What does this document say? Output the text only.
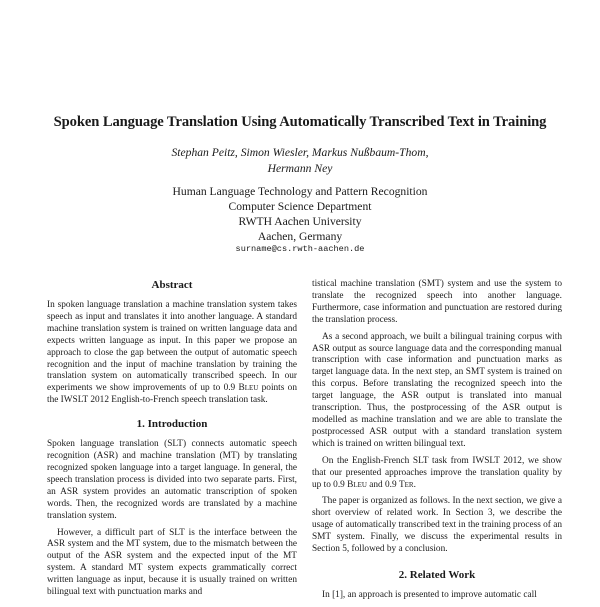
Spoken Language Translation Using Automatically Transcribed Text in Training
Stephan Peitz, Simon Wiesler, Markus Nußbaum-Thom,
Hermann Ney
Human Language Technology and Pattern Recognition
Computer Science Department
RWTH Aachen University
Aachen, Germany
surname@cs.rwth-aachen.de
Abstract

In spoken language translation a machine translation system takes speech as input and translates it into another language. A standard machine translation system is trained on written language data and expects written language as input. In this paper we propose an approach to close the gap between the output of automatic speech recognition and the input of machine translation by training the translation system on automatically transcribed speech. In our experiments we show improvements of up to 0.9 Bleu points on the IWSLT 2012 English-to-French speech translation task.

1. Introduction

Spoken language translation (SLT) connects automatic speech recognition (ASR) and machine translation (MT) by translating recognized spoken language into a target language. In general, the speech translation process is divided into two separate parts. First, an ASR system provides an automatic transcription of spoken words. Then, the recognized words are translated by a machine translation system.

However, a difficult part of SLT is the interface between the ASR system and the MT system, due to the mismatch between the output of the ASR system and the expected input of the MT system. A standard MT system expects grammatically correct written language as input, because it is usually trained on written bilingual text with punctuation marks and

tistical machine translation (SMT) system and use the system to translate the recognized speech into another language. Furthermore, case information and punctuation are restored during the translation process.

As a second approach, we built a bilingual training corpus with ASR output as source language data and the corresponding manual transcription with case information and punctuation marks as target language data. In the next step, an SMT system is trained on this corpus. Before translating the recognized speech into the target language, the ASR output is translated into manual transcription. Thus, the postprocessing of the ASR output is modelled as machine translation and we are able to translate the postprocessed ASR output with a standard translation system which is trained on written bilingual text.

On the English-French SLT task from IWSLT 2012, we show that our presented approaches improve the translation quality by up to 0.9 Bleu and 0.9 Ter.

The paper is organized as follows. In the next section, we give a short overview of related work. In Section 3, we describe the usage of automatically transcribed text in the training process of an SMT system. Finally, we discuss the experimental results in Section 5, followed by a conclusion.

2. Related Work

In [1], an approach is presented to improve automatic call
